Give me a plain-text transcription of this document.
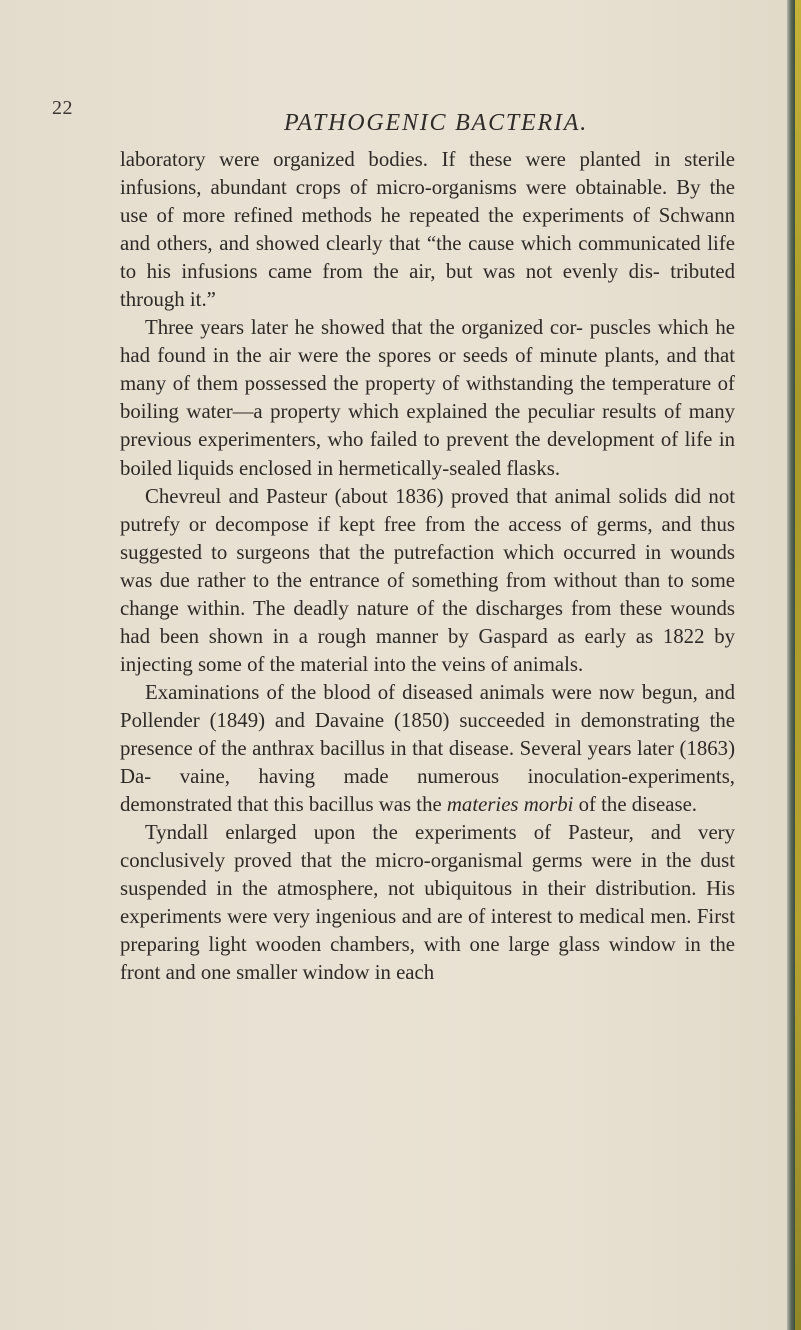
22
PATHOGENIC BACTERIA.

laboratory were organized bodies. If these were planted in sterile infusions, abundant crops of micro-organisms were obtainable. By the use of more refined methods he repeated the experiments of Schwann and others, and showed clearly that “the cause which communicated life to his infusions came from the air, but was not evenly dis- tributed through it.”

Three years later he showed that the organized cor- puscles which he had found in the air were the spores or seeds of minute plants, and that many of them possessed the property of withstanding the temperature of boiling water—a property which explained the peculiar results of many previous experimenters, who failed to prevent the development of life in boiled liquids enclosed in hermetically-sealed flasks.

Chevreul and Pasteur (about 1836) proved that animal solids did not putrefy or decompose if kept free from the access of germs, and thus suggested to surgeons that the putrefaction which occurred in wounds was due rather to the entrance of something from without than to some change within. The deadly nature of the discharges from these wounds had been shown in a rough manner by Gaspard as early as 1822 by injecting some of the material into the veins of animals.

Examinations of the blood of diseased animals were now begun, and Pollender (1849) and Davaine (1850) succeeded in demonstrating the presence of the anthrax bacillus in that disease. Several years later (1863) Da- vaine, having made numerous inoculation-experiments, demonstrated that this bacillus was the materies morbi of the disease.

Tyndall enlarged upon the experiments of Pasteur, and very conclusively proved that the micro-organismal germs were in the dust suspended in the atmosphere, not ubiquitous in their distribution. His experiments were very ingenious and are of interest to medical men. First preparing light wooden chambers, with one large glass window in the front and one smaller window in each
